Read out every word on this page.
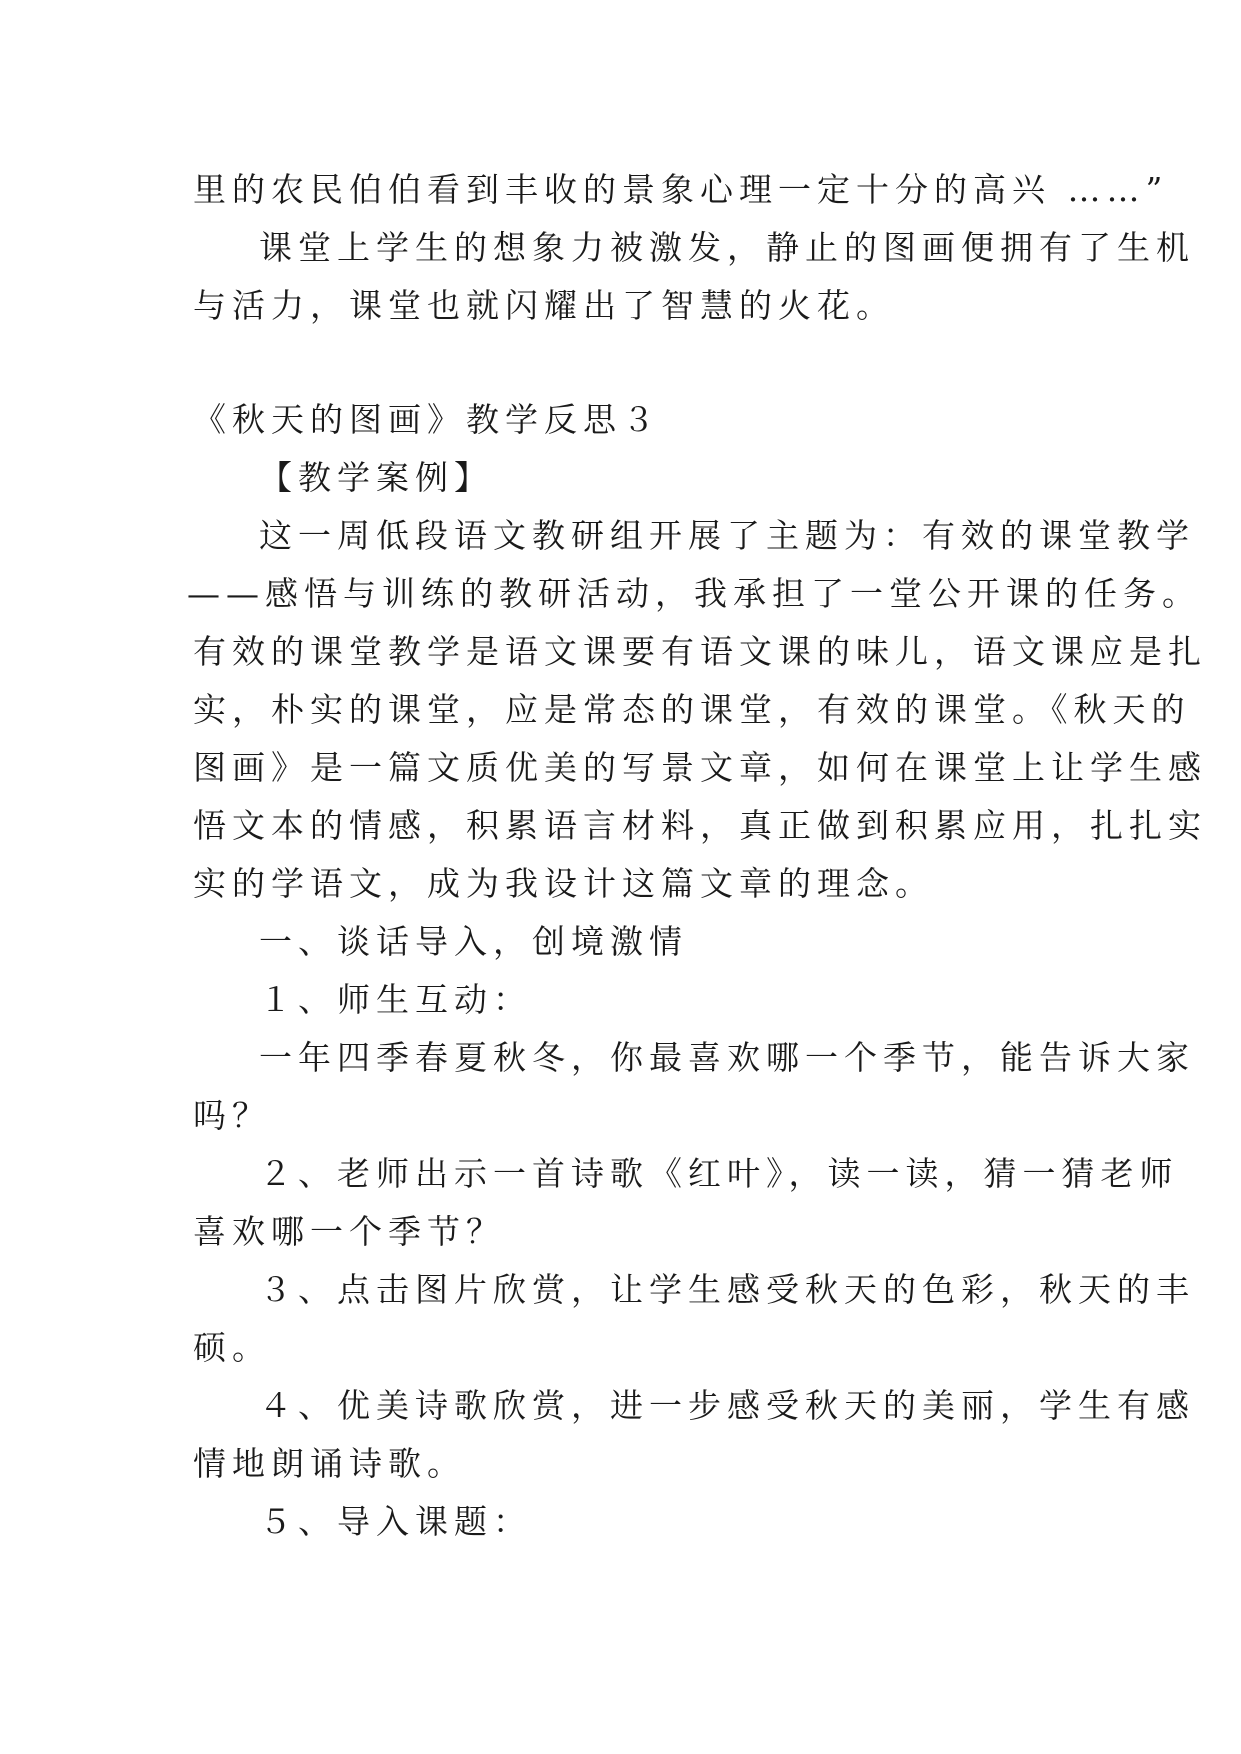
里的农民伯伯看到丰收的景象心理一定十分的高兴 ……”

课堂上学生的想象力被激发，静止的图画便拥有了生机

与活力，课堂也就闪耀出了智慧的火花。

《秋天的图画》教学反思３

【教学案例】

这一周低段语文教研组开展了主题为：有效的课堂教学

——感悟与训练的教研活动，我承担了一堂公开课的任务。

有效的课堂教学是语文课要有语文课的味儿，语文课应是扎

实，朴实的课堂，应是常态的课堂，有效的课堂。《秋天的

图画》是一篇文质优美的写景文章，如何在课堂上让学生感

悟文本的情感，积累语言材料，真正做到积累应用，扎扎实

实的学语文，成为我设计这篇文章的理念。

一、谈话导入，创境激情

１、师生互动：

一年四季春夏秋冬，你最喜欢哪一个季节，能告诉大家

吗？

２、老师出示一首诗歌《红叶》，读一读，猜一猜老师

喜欢哪一个季节？

３、点击图片欣赏，让学生感受秋天的色彩，秋天的丰

硕。

４、优美诗歌欣赏，进一步感受秋天的美丽，学生有感

情地朗诵诗歌。

５、导入课题：
